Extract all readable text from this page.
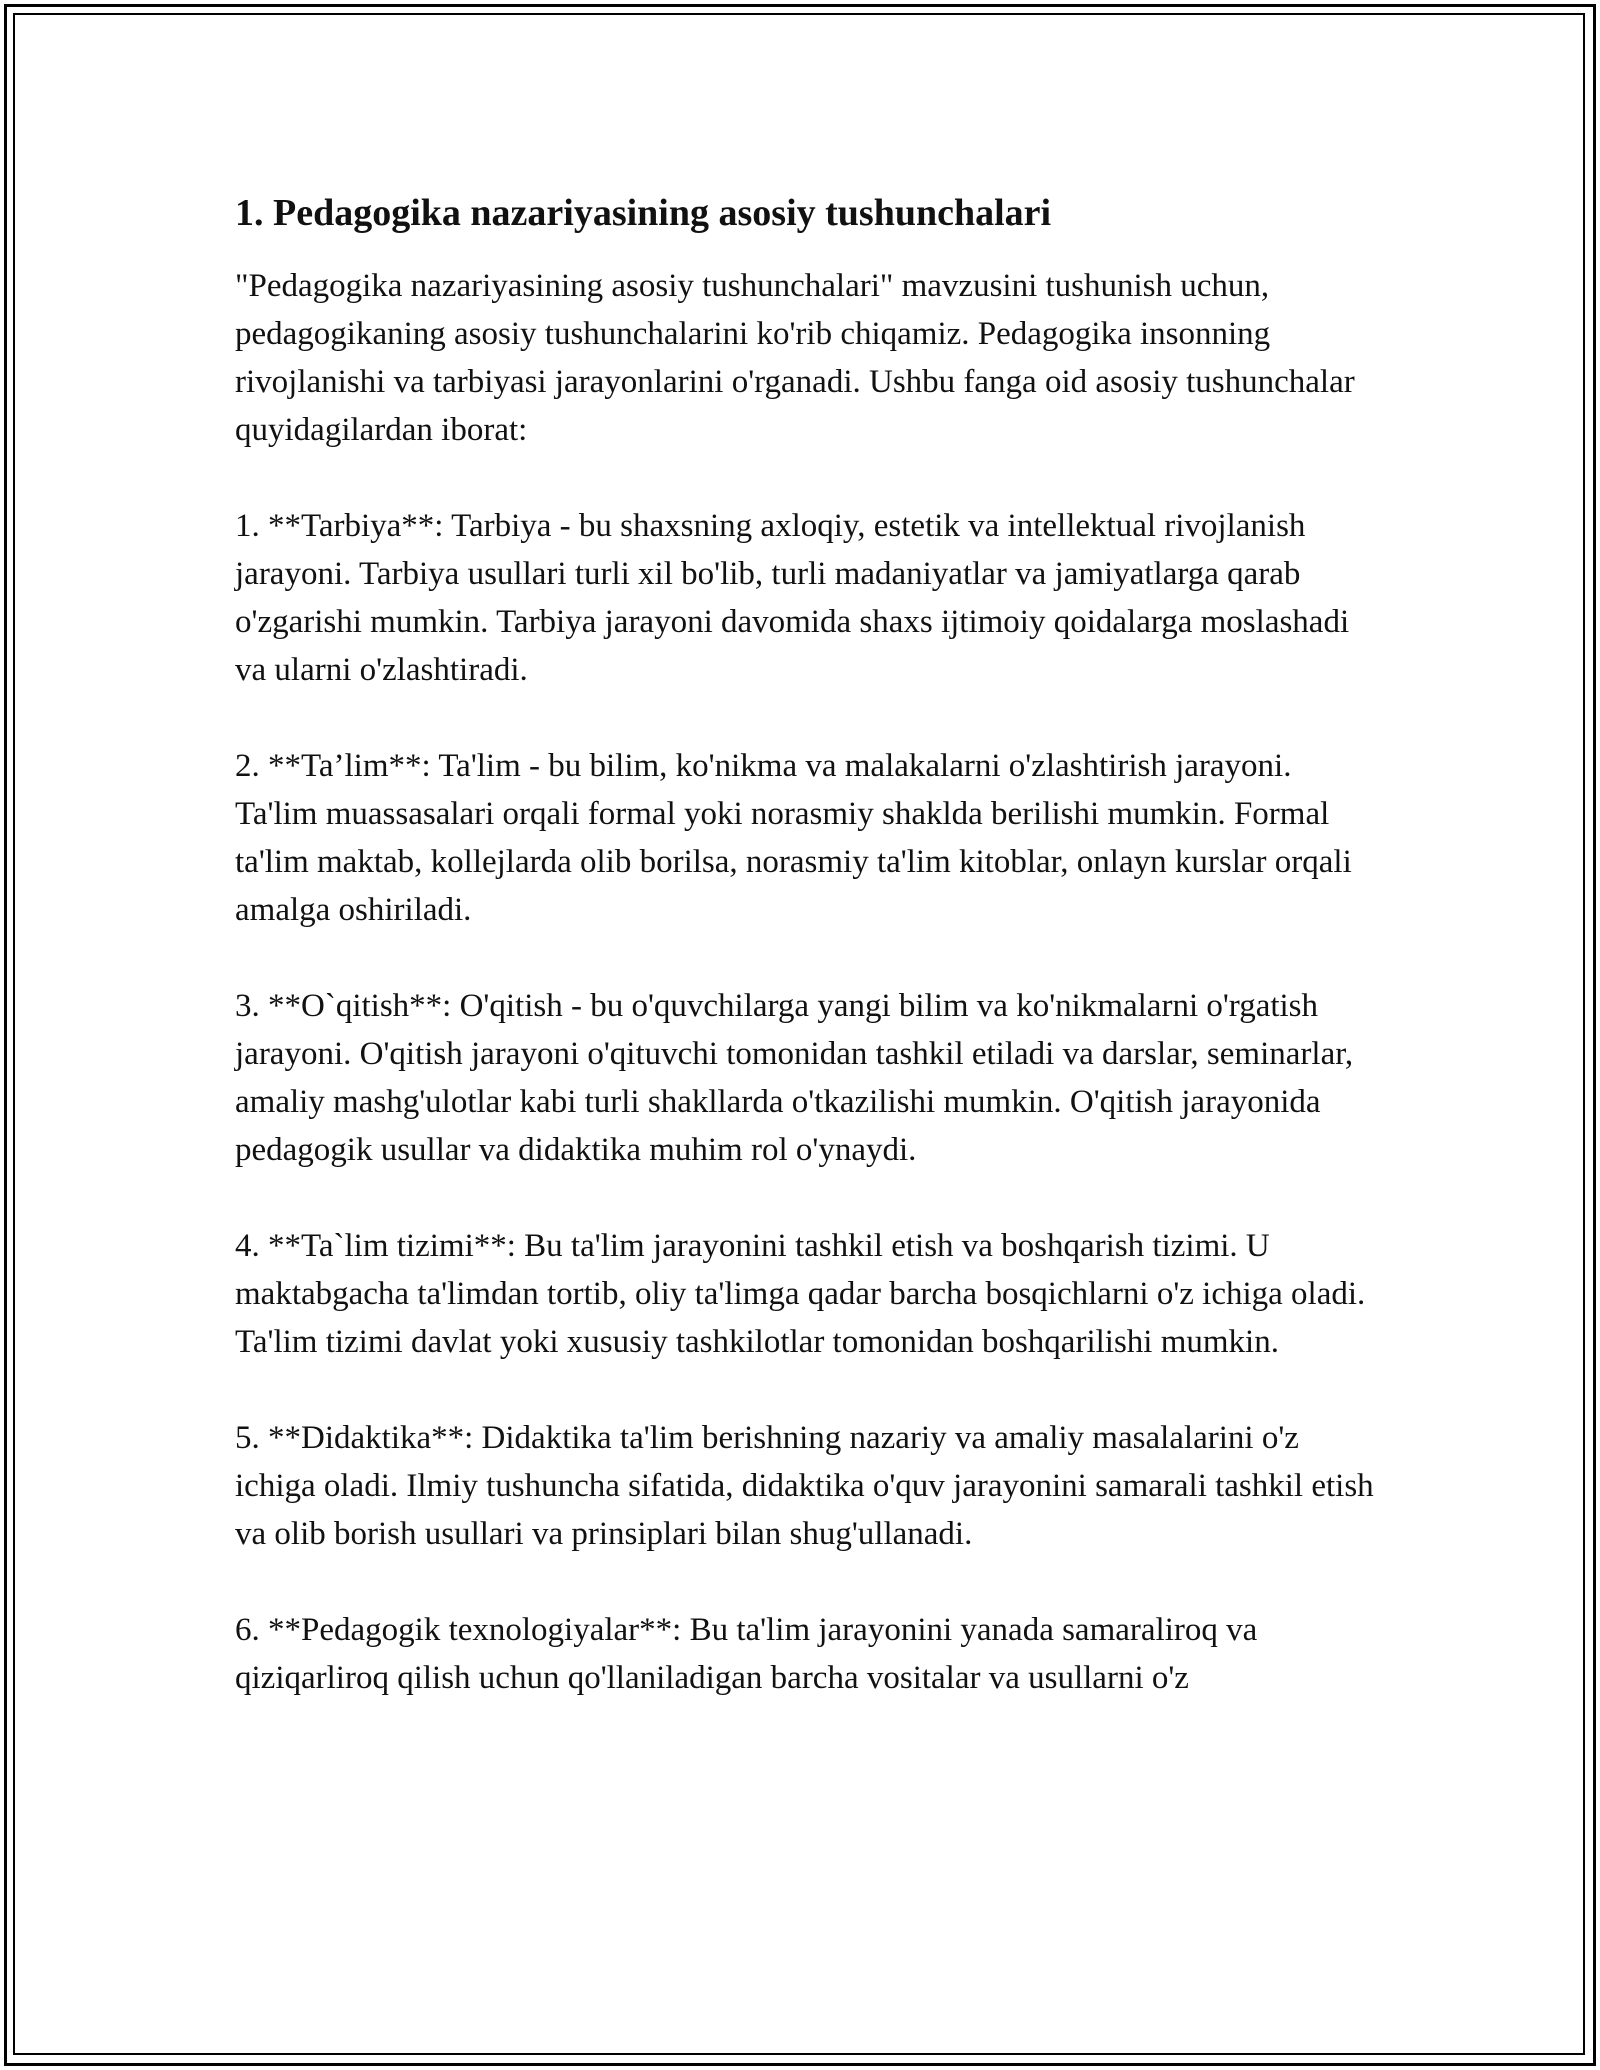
1. Pedagogika nazariyasining asosiy tushunchalari

"Pedagogika nazariyasining asosiy tushunchalari" mavzusini tushunish uchun, pedagogikaning asosiy tushunchalarini ko'rib chiqamiz. Pedagogika insonning rivojlanishi va tarbiyasi jarayonlarini o'rganadi. Ushbu fanga oid asosiy tushunchalar quyidagilardan iborat:

1. **Tarbiya**: Tarbiya - bu shaxsning axloqiy, estetik va intellektual rivojlanish jarayoni. Tarbiya usullari turli xil bo'lib, turli madaniyatlar va jamiyatlarga qarab o'zgarishi mumkin. Tarbiya jarayoni davomida shaxs ijtimoiy qoidalarga moslashadi va ularni o'zlashtiradi.

2. **Ta’lim**: Ta'lim - bu bilim, ko'nikma va malakalarni o'zlashtirish jarayoni. Ta'lim muassasalari orqali formal yoki norasmiy shaklda berilishi mumkin. Formal ta'lim maktab, kollejlarda olib borilsa, norasmiy ta'lim kitoblar, onlayn kurslar orqali amalga oshiriladi.

3. **O`qitish**: O'qitish - bu o'quvchilarga yangi bilim va ko'nikmalarni o'rgatish jarayoni. O'qitish jarayoni o'qituvchi tomonidan tashkil etiladi va darslar, seminarlar, amaliy mashg'ulotlar kabi turli shakllarda o'tkazilishi mumkin. O'qitish jarayonida pedagogik usullar va didaktika muhim rol o'ynaydi.

4. **Ta`lim tizimi**: Bu ta'lim jarayonini tashkil etish va boshqarish tizimi. U maktabgacha ta'limdan tortib, oliy ta'limga qadar barcha bosqichlarni o'z ichiga oladi. Ta'lim tizimi davlat yoki xususiy tashkilotlar tomonidan boshqarilishi mumkin.

5. **Didaktika**: Didaktika ta'lim berishning nazariy va amaliy masalalarini o'z ichiga oladi. Ilmiy tushuncha sifatida, didaktika o'quv jarayonini samarali tashkil etish va olib borish usullari va prinsiplari bilan shug'ullanadi.

6. **Pedagogik texnologiyalar**: Bu ta'lim jarayonini yanada samaraliroq va qiziqarliroq qilish uchun qo'llaniladigan barcha vositalar va usullarni o'z
